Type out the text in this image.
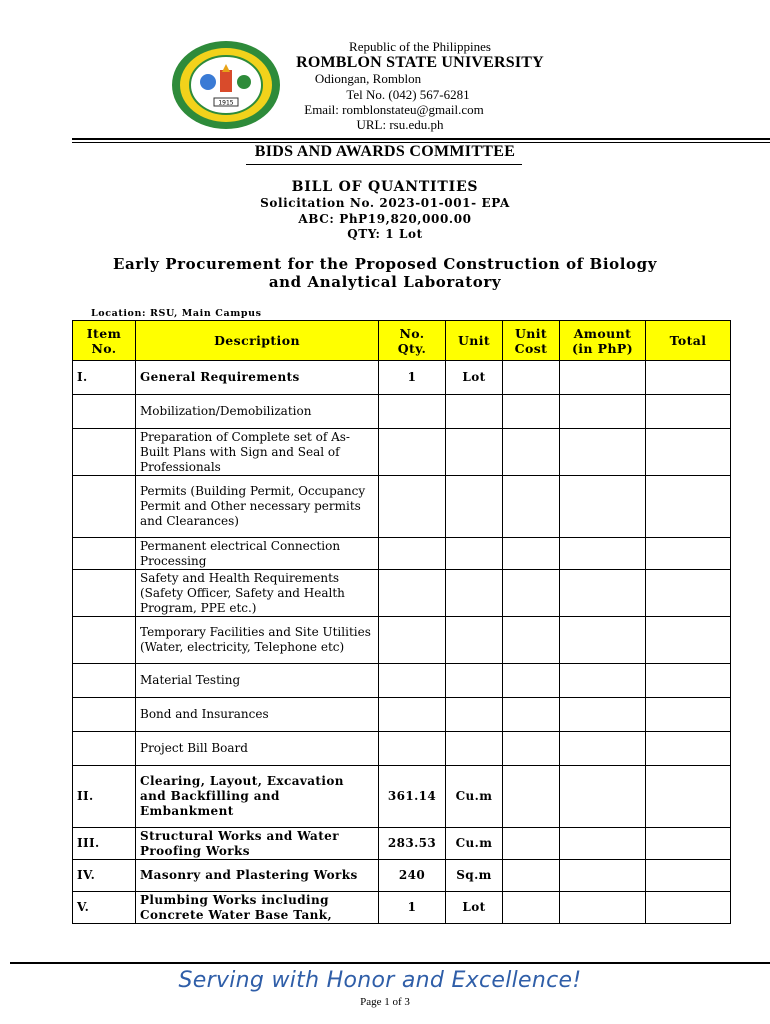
1915
Republic of the Philippines
ROMBLON STATE UNIVERSITY
Odiongan, Romblon
Tel No. (042) 567-6281
Email: romblonstateu@gmail.com
URL: rsu.edu.ph
BIDS AND AWARDS COMMITTEE
BILL OF QUANTITIES
Solicitation No. 2023-01-001- EPA
ABC: PhP19,820,000.00
QTY: 1 Lot
Early Procurement for the Proposed Construction of Biology
and Analytical Laboratory
Location: RSU, Main Campus
Item No.	Description	No. Qty.	Unit	Unit Cost	Amount (in PhP)	Total
I.	General Requirements	1	Lot			
	Mobilization/Demobilization					
	Preparation of Complete set of As-Built Plans with Sign and Seal of Professionals					
	Permits (Building Permit, Occupancy Permit and Other necessary permits and Clearances)					
	Permanent electrical Connection Processing					
	Safety and Health Requirements (Safety Officer, Safety and Health Program, PPE etc.)					
	Temporary Facilities and Site Utilities (Water, electricity, Telephone etc)					
	Material Testing					
	Bond and Insurances					
	Project Bill Board					
II.	Clearing, Layout, Excavation and Backfilling and Embankment	361.14	Cu.m			
III.	Structural Works and Water Proofing Works	283.53	Cu.m			
IV.	Masonry and Plastering Works	240	Sq.m			
V.	Plumbing Works including Concrete Water Base Tank,	1	Lot			
Serving with Honor and Excellence!
Page 1 of 3
